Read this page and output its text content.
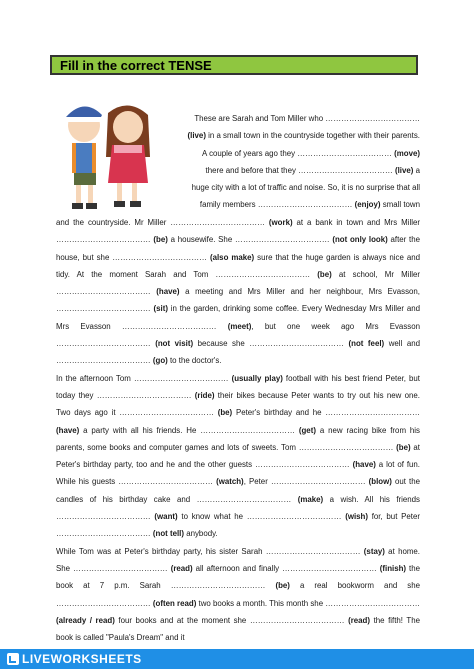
Fill in the correct TENSE

These are Sarah and Tom Miller who ………………………………

(live) in a small town in the countryside together with their parents.

A couple of years ago they ……………………………… (move)

there and before that they ……………………………… (live) a

huge city with a lot of traffic and noise. So, it is no surprise that all

family members ……………………………… (enjoy) small town

and the countryside. Mr Miller ……………………………… (work) at a bank in town and Mrs Miller ……………………………… (be) a housewife. She ……………………………… (not only look) after the house, but she ……………………………… (also make) sure that the huge garden is always nice and tidy. At the moment Sarah and Tom ……………………………… (be) at school, Mr Miller ……………………………… (have) a meeting and Mrs Miller and her neighbour, Mrs Evasson, ……………………………… (sit) in the garden, drinking some coffee. Every Wednesday Mrs Miller and Mrs Evasson ……………………………… (meet), but one week ago Mrs Evasson ……………………………… (not visit) because she ……………………………… (not feel) well and ……………………………… (go) to the doctor's.

In the afternoon Tom ……………………………… (usually play) football with his best friend Peter, but today they ……………………………… (ride) their bikes because Peter wants to try out his new one. Two days ago it ……………………………… (be) Peter's birthday and he ……………………………… (have) a party with all his friends. He ……………………………… (get) a new racing bike from his parents, some books and computer games and lots of sweets. Tom ……………………………… (be) at Peter's birthday party, too and he and the other guests ……………………………… (have) a lot of fun. While his guests ……………………………… (watch), Peter ……………………………… (blow) out the candles of his birthday cake and ……………………………… (make) a wish. All his friends ……………………………… (want) to know what he ……………………………… (wish) for, but Peter ……………………………… (not tell) anybody.

While Tom was at Peter's birthday party, his sister Sarah ……………………………… (stay) at home. She ……………………………… (read) all afternoon and finally ……………………………… (finish) the book at 7 p.m. Sarah ……………………………… (be) a real bookworm and she ……………………………… (often read) two books a month. This month she ……………………………… (already / read) four books and at the moment she ……………………………… (read) the fifth! The book is called "Paula's Dream" and it

LIVEWORKSHEETS
